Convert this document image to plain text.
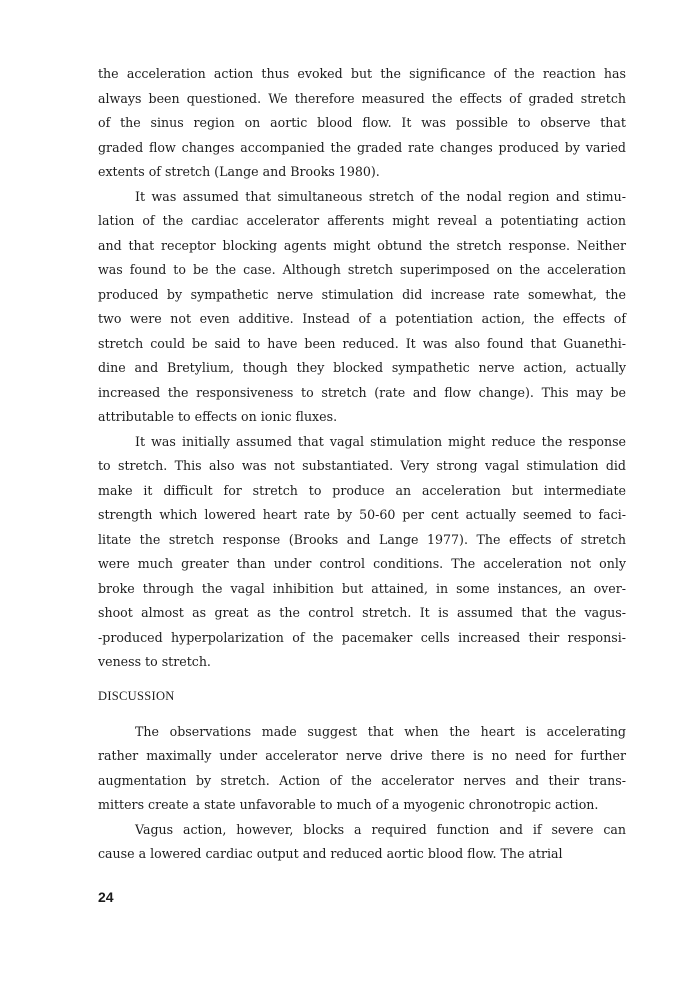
the acceleration action thus evoked but the significance of the reaction has
always been questioned. We therefore measured the effects of graded stretch
of the sinus region on aortic blood flow. It was possible to observe that
graded flow changes accompanied the graded rate changes produced by varied
extents of stretch (Lange and Brooks 1980).

It was assumed that simultaneous stretch of the nodal region and stimu-
lation of the cardiac accelerator afferents might reveal a potentiating action
and that receptor blocking agents might obtund the stretch response. Neither
was found to be the case. Although stretch superimposed on the acceleration
produced by sympathetic nerve stimulation did increase rate somewhat, the
two were not even additive. Instead of a potentiation action, the effects of
stretch could be said to have been reduced. It was also found that Guanethi-
dine and Bretylium, though they blocked sympathetic nerve action, actually
increased the responsiveness to stretch (rate and flow change). This may be
attributable to effects on ionic fluxes.

It was initially assumed that vagal stimulation might reduce the response
to stretch. This also was not substantiated. Very strong vagal stimulation did
make it difficult for stretch to produce an acceleration but intermediate
strength which lowered heart rate by 50-60 per cent actually seemed to faci-
litate the stretch response (Brooks and Lange 1977). The effects of stretch
were much greater than under control conditions. The acceleration not only
broke through the vagal inhibition but attained, in some instances, an over-
shoot almost as great as the control stretch. It is assumed that the vagus-
-produced hyperpolarization of the pacemaker cells increased their responsi-
veness to stretch.

DISCUSSION

The observations made suggest that when the heart is accelerating
rather maximally under accelerator nerve drive there is no need for further
augmentation by stretch. Action of the accelerator nerves and their trans-
mitters create a state unfavorable to much of a myogenic chronotropic action.

Vagus action, however, blocks a required function and if severe can
cause a lowered cardiac output and reduced aortic blood flow. The atrial

24
